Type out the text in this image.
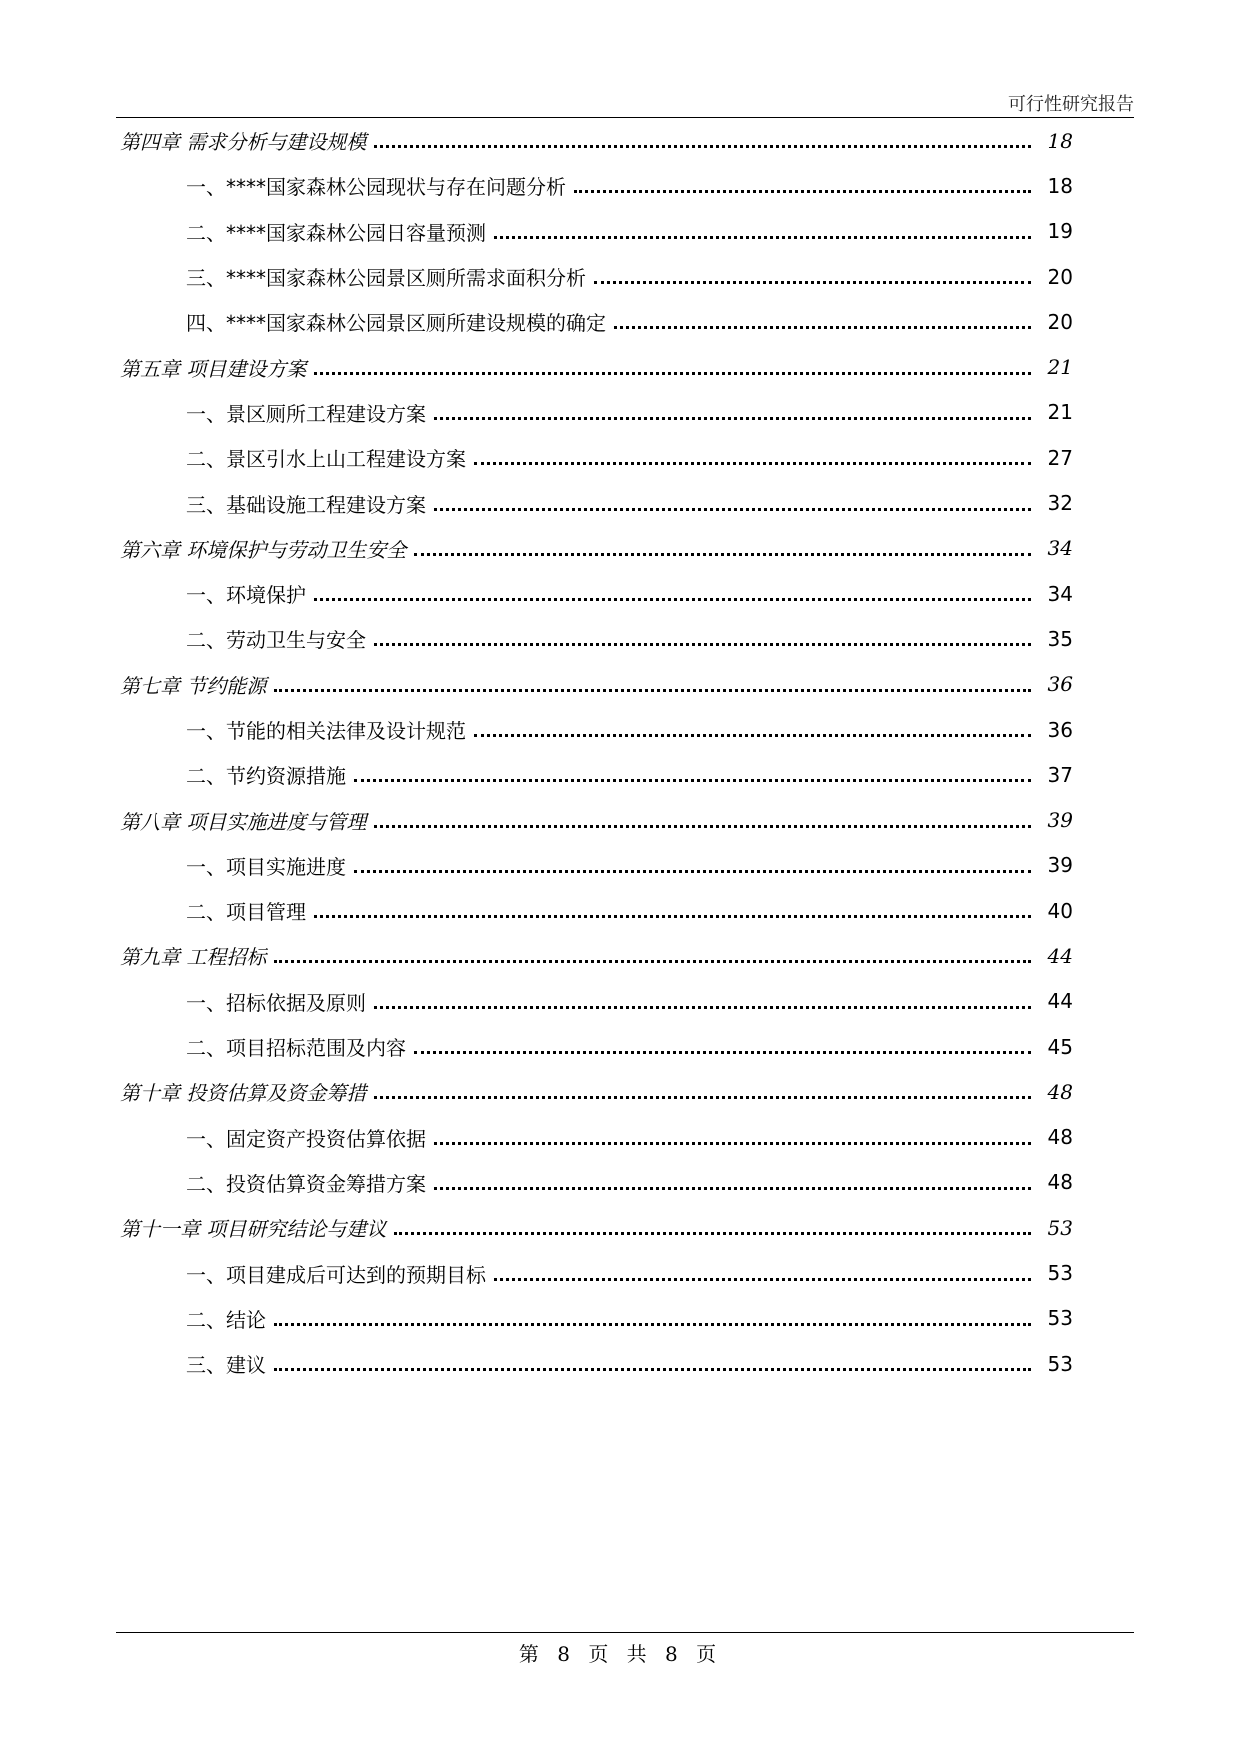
可行性研究报告
第四章 需求分析与建设规模	18
一、****国家森林公园现状与存在问题分析	18
二、****国家森林公园日容量预测	19
三、****国家森林公园景区厕所需求面积分析	20
四、****国家森林公园景区厕所建设规模的确定	20
第五章 项目建设方案	21
一、景区厕所工程建设方案	21
二、景区引水上山工程建设方案	27
三、基础设施工程建设方案	32
第六章 环境保护与劳动卫生安全	34
一、环境保护	34
二、劳动卫生与安全	35
第七章 节约能源	36
一、节能的相关法律及设计规范	36
二、节约资源措施	37
第八章 项目实施进度与管理	39
一、项目实施进度	39
二、项目管理	40
第九章 工程招标	44
一、招标依据及原则	44
二、项目招标范围及内容	45
第十章 投资估算及资金筹措	48
一、固定资产投资估算依据	48
二、投资估算资金筹措方案	48
第十一章 项目研究结论与建议	53
一、项目建成后可达到的预期目标	53
二、结论	53
三、建议	53
第 8 页 共 8 页
